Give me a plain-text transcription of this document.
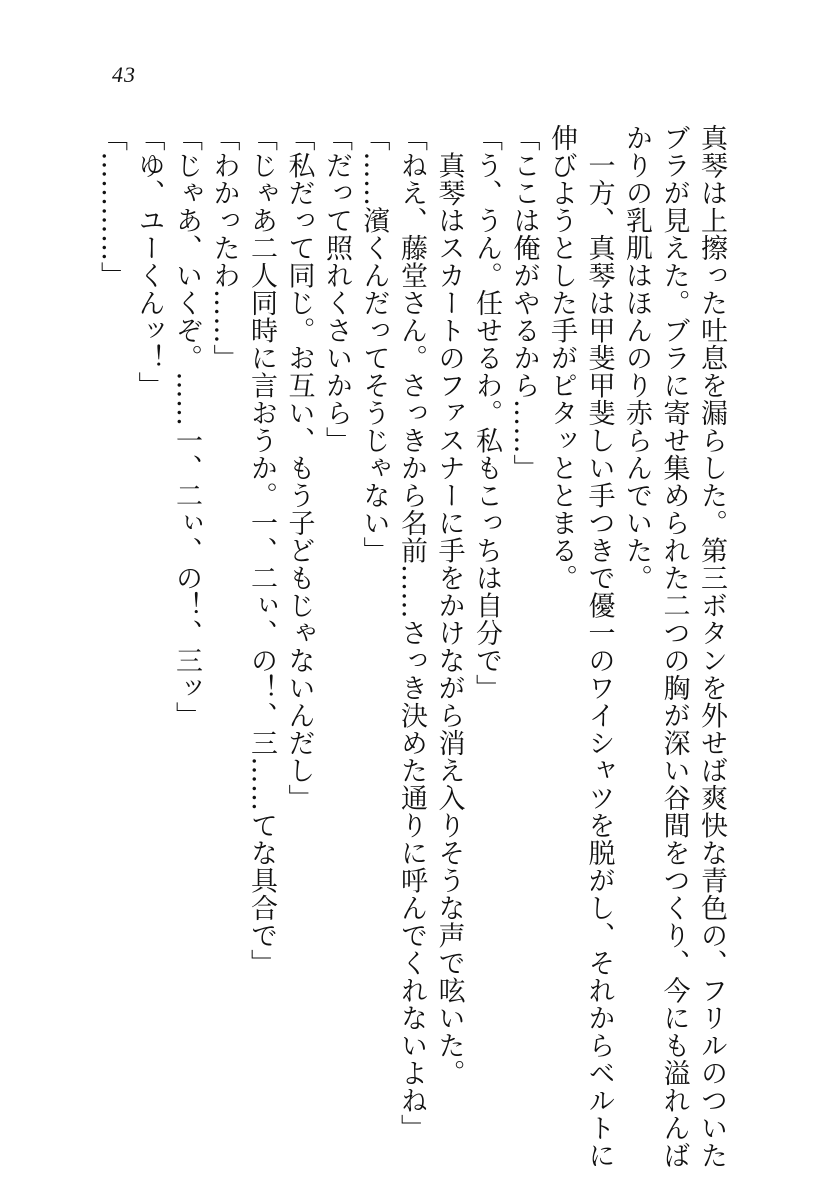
43
真琴は上擦った吐息を漏らした。第三ボタンを外せば爽快な青色の、フリルのついた
ブラが見えた。ブラに寄せ集められた二つの胸が深い谷間をつくり、今にも溢れんば
かりの乳肌はほんのり赤らんでいた。
　一方、真琴は甲斐甲斐しい手つきで優一のワイシャツを脱がし、それからベルトに
伸びようとした手がピタッととまる。
「ここは俺がやるから……」
「う、うん。任せるわ。私もこっちは自分で」
　真琴はスカートのファスナーに手をかけながら消え入りそうな声で呟いた。
「ねえ、藤堂さん。さっきから名前……さっき決めた通りに呼んでくれないよね」
「……濱くんだってそうじゃない」
「だって照れくさいから」
「私だって同じ。お互い、もう子どもじゃないんだし」
「じゃあ二人同時に言おうか。一、二ぃ、の！、三……てな具合で」
「わかったわ……」
「じゃあ、いくぞ。……一、二ぃ、の！、三ッ」
「ゆ、ユーくんッ！」
「…………」
